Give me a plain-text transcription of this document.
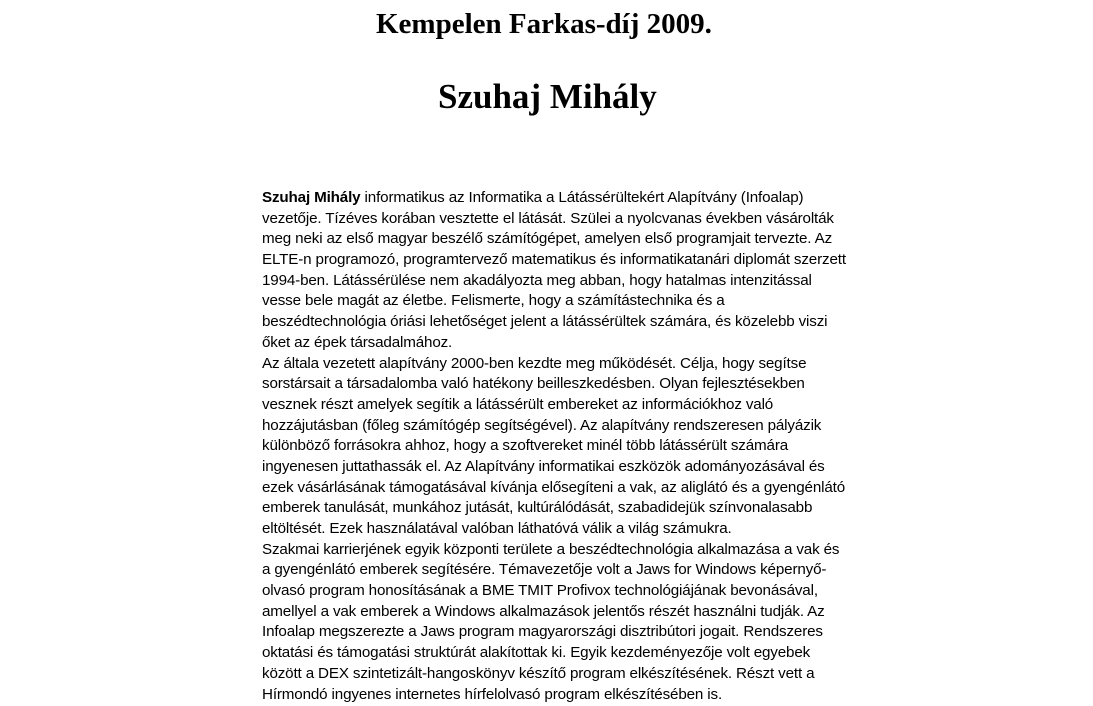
Kempelen Farkas-díj 2009.
Szuhaj Mihály
Szuhaj Mihály informatikus az Informatika a Látássérültekért Alapítvány (Infoalap)
vezetője. Tízéves korában vesztette el látását. Szülei a nyolcvanas években vásárolták
meg neki az első magyar beszélő számítógépet, amelyen első programjait tervezte. Az
ELTE-n programozó, programtervező matematikus és informatikatanári diplomát szerzett
1994-ben. Látássérülése nem akadályozta meg abban, hogy hatalmas intenzitással
vesse bele magát az életbe. Felismerte, hogy a számítástechnika és a
beszédtechnológia óriási lehetőséget jelent a látássérültek számára, és közelebb viszi
őket az épek társadalmához.
Az általa vezetett alapítvány 2000-ben kezdte meg működését. Célja, hogy segítse
sorstársait a társadalomba való hatékony beilleszkedésben. Olyan fejlesztésekben
vesznek részt amelyek segítik a látássérült embereket az információkhoz való
hozzájutásban (főleg számítógép segítségével). Az alapítvány rendszeresen pályázik
különböző forrásokra ahhoz, hogy a szoftvereket minél több látássérült számára
ingyenesen juttathassák el. Az Alapítvány informatikai eszközök adományozásával és
ezek vásárlásának támogatásával kívánja elősegíteni a vak, az aliglátó és a gyengénlátó
emberek tanulását, munkához jutását, kultúrálódását, szabadidejük színvonalasabb
eltöltését. Ezek használatával valóban láthatóvá válik a világ számukra.
Szakmai karrierjének egyik központi területe a beszédtechnológia alkalmazása a vak és
a gyengénlátó emberek segítésére. Témavezetője volt a Jaws for Windows képernyő-
olvasó program honosításának a BME TMIT Profivox technológiájának bevonásával,
amellyel a vak emberek a Windows alkalmazások jelentős részét használni tudják. Az
Infoalap megszerezte a Jaws program magyarországi disztribútori jogait. Rendszeres
oktatási és támogatási struktúrát alakítottak ki. Egyik kezdeményezője volt egyebek
között a DEX szintetizált-hangoskönyv készítő program elkészítésének. Részt vett a
Hírmondó ingyenes internetes hírfelolvasó program elkészítésében is.
